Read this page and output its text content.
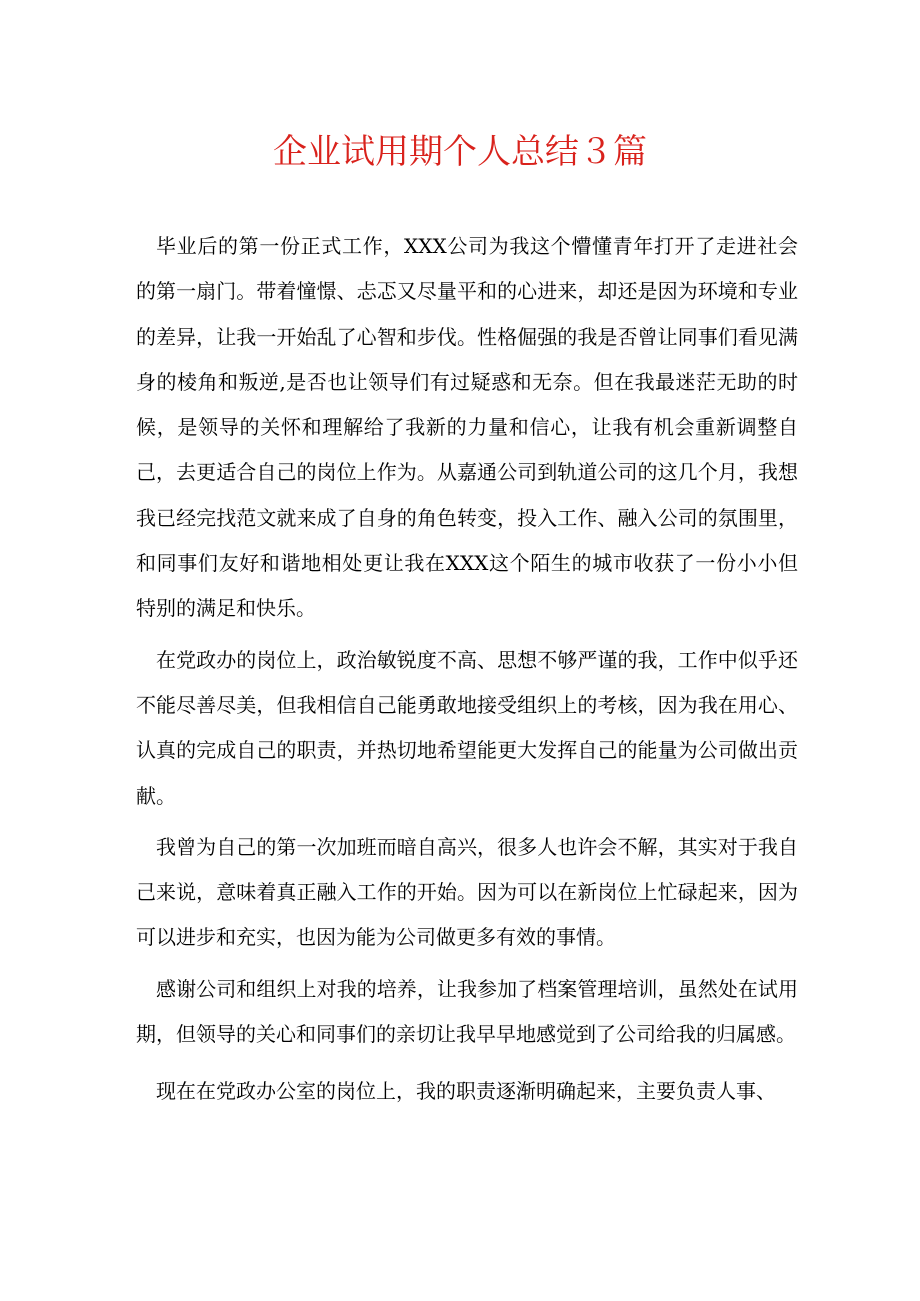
企业试用期个人总结３篇

毕业后的第一份正式工作，XXX公司为我这个懵懂青年打开了走进社会的第一扇门。带着憧憬、忐忑又尽量平和的心进来，却还是因为环境和专业的差异，让我一开始乱了心智和步伐。性格倔强的我是否曾让同事们看见满身的棱角和叛逆,是否也让领导们有过疑惑和无奈。但在我最迷茫无助的时候，是领导的关怀和理解给了我新的力量和信心，让我有机会重新调整自己，去更适合自己的岗位上作为。从嘉通公司到轨道公司的这几个月，我想我已经完找范文就来成了自身的角色转变，投入工作、融入公司的氛围里，和同事们友好和谐地相处更让我在XXX这个陌生的城市收获了一份小小但特别的满足和快乐。

在党政办的岗位上，政治敏锐度不高、思想不够严谨的我，工作中似乎还不能尽善尽美，但我相信自己能勇敢地接受组织上的考核，因为我在用心、认真的完成自己的职责，并热切地希望能更大发挥自己的能量为公司做出贡献。

我曾为自己的第一次加班而暗自高兴，很多人也许会不解，其实对于我自己来说，意味着真正融入工作的开始。因为可以在新岗位上忙碌起来，因为可以进步和充实，也因为能为公司做更多有效的事情。

感谢公司和组织上对我的培养，让我参加了档案管理培训，虽然处在试用期，但领导的关心和同事们的亲切让我早早地感觉到了公司给我的归属感。

现在在党政办公室的岗位上，我的职责逐渐明确起来，主要负责人事、
